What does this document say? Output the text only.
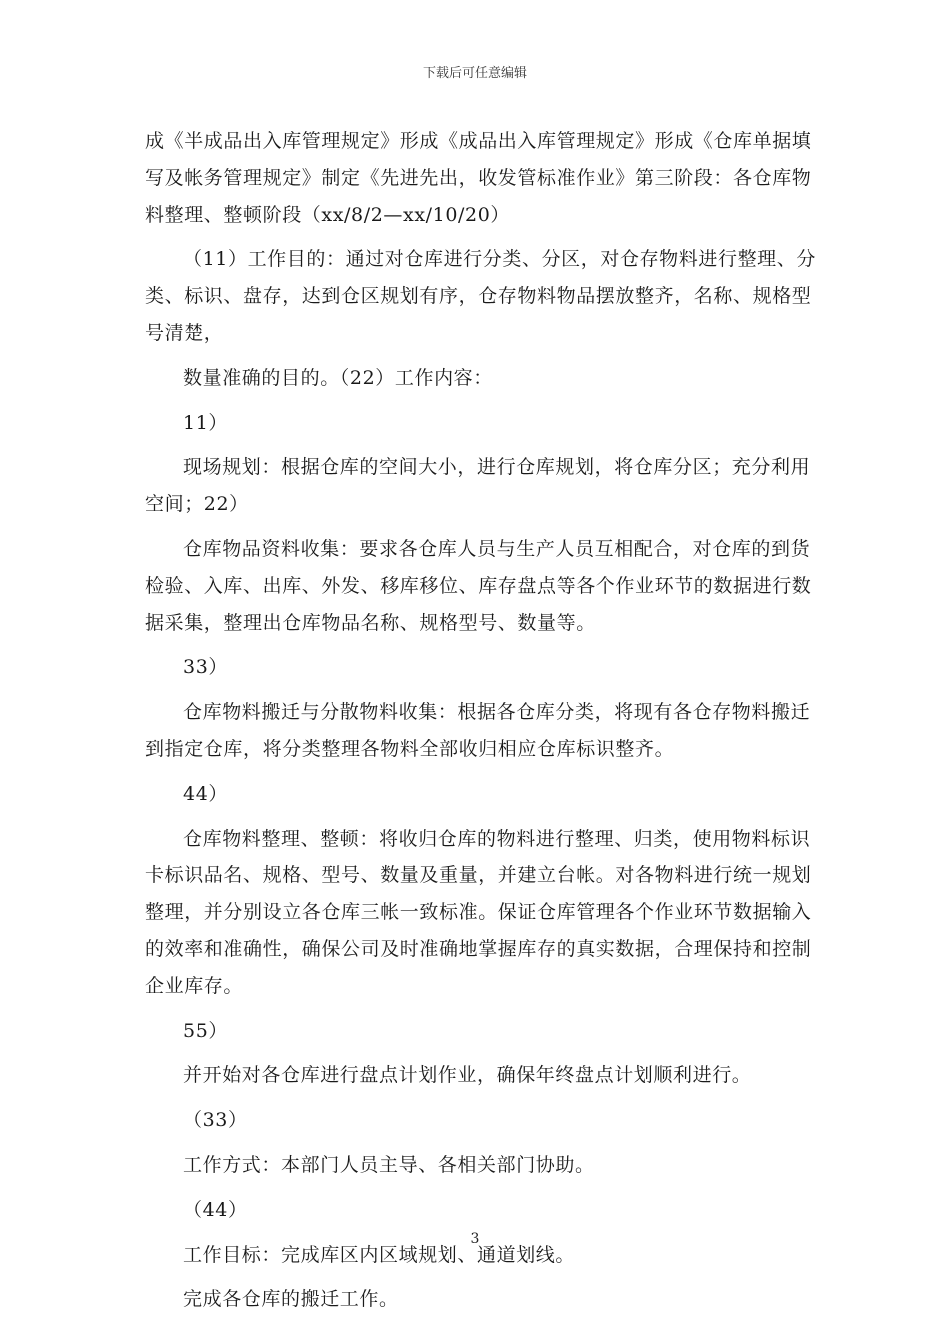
下载后可任意编辑
成《半成品出入库管理规定》形成《成品出入库管理规定》形成《仓库单据填
写及帐务管理规定》制定《先进先出，收发管标准作业》第三阶段：各仓库物
料整理、整顿阶段（xx/8/2—xx/10/20）
（11）工作目的：通过对仓库进行分类、分区，对仓存物料进行整理、分
类、标识、盘存，达到仓区规划有序，仓存物料物品摆放整齐，名称、规格型
号清楚，
数量准确的目的。（22）工作内容：
11）
现场规划：根据仓库的空间大小，进行仓库规划，将仓库分区；充分利用
空间；22）
仓库物品资料收集：要求各仓库人员与生产人员互相配合，对仓库的到货
检验、入库、出库、外发、移库移位、库存盘点等各个作业环节的数据进行数
据采集，整理出仓库物品名称、规格型号、数量等。
33）
仓库物料搬迁与分散物料收集：根据各仓库分类，将现有各仓存物料搬迁
到指定仓库，将分类整理各物料全部收归相应仓库标识整齐。
44）
仓库物料整理、整顿：将收归仓库的物料进行整理、归类，使用物料标识
卡标识品名、规格、型号、数量及重量，并建立台帐。对各物料进行统一规划
整理，并分别设立各仓库三帐一致标准。保证仓库管理各个作业环节数据输入
的效率和准确性，确保公司及时准确地掌握库存的真实数据，合理保持和控制
企业库存。
55）
并开始对各仓库进行盘点计划作业，确保年终盘点计划顺利进行。
（33）
工作方式：本部门人员主导、各相关部门协助。
（44）
工作目标：完成库区内区域规划、通道划线。
完成各仓库的搬迁工作。
3
